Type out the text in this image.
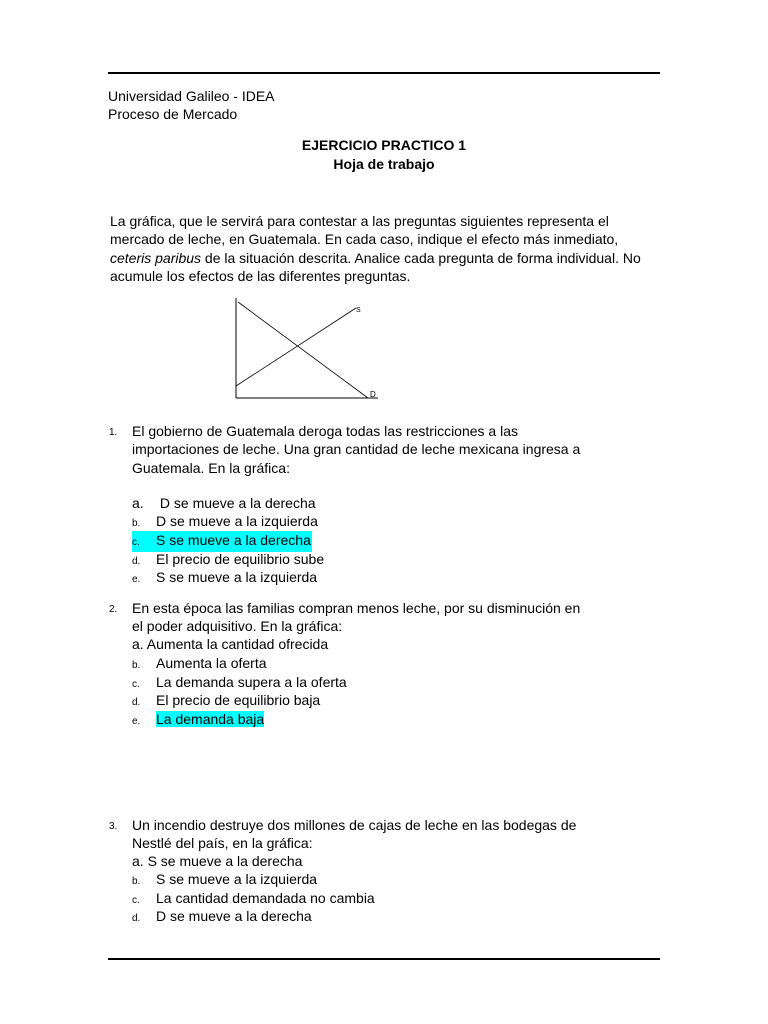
Universidad Galileo - IDEA
Proceso de Mercado
EJERCICIO PRACTICO 1
Hoja de trabajo
La gráfica, que le servirá para contestar a las preguntas siguientes representa el mercado de leche, en Guatemala. En cada caso, indique el efecto más inmediato, ceteris paribus de la situación descrita. Analice cada pregunta de forma individual. No acumule los efectos de las diferentes preguntas.
S
D
1. El gobierno de Guatemala deroga todas las restricciones a las
importaciones de leche. Una gran cantidad de leche mexicana ingresa a
Guatemala. En la gráfica:
a. D se mueve a la derecha
b. D se mueve a la izquierda
c. S se mueve a la derecha
d. El precio de equilibrio sube
e. S se mueve a la izquierda
2. En esta época las familias compran menos leche, por su disminución en
el poder adquisitivo. En la gráfica:
a. Aumenta la cantidad ofrecida
b. Aumenta la oferta
c. La demanda supera a la oferta
d. El precio de equilibrio baja
e. La demanda baja
3. Un incendio destruye dos millones de cajas de leche en las bodegas de
Nestlé del país, en la gráfica:
a. S se mueve a la derecha
b. S se mueve a la izquierda
c. La cantidad demandada no cambia
d. D se mueve a la derecha
